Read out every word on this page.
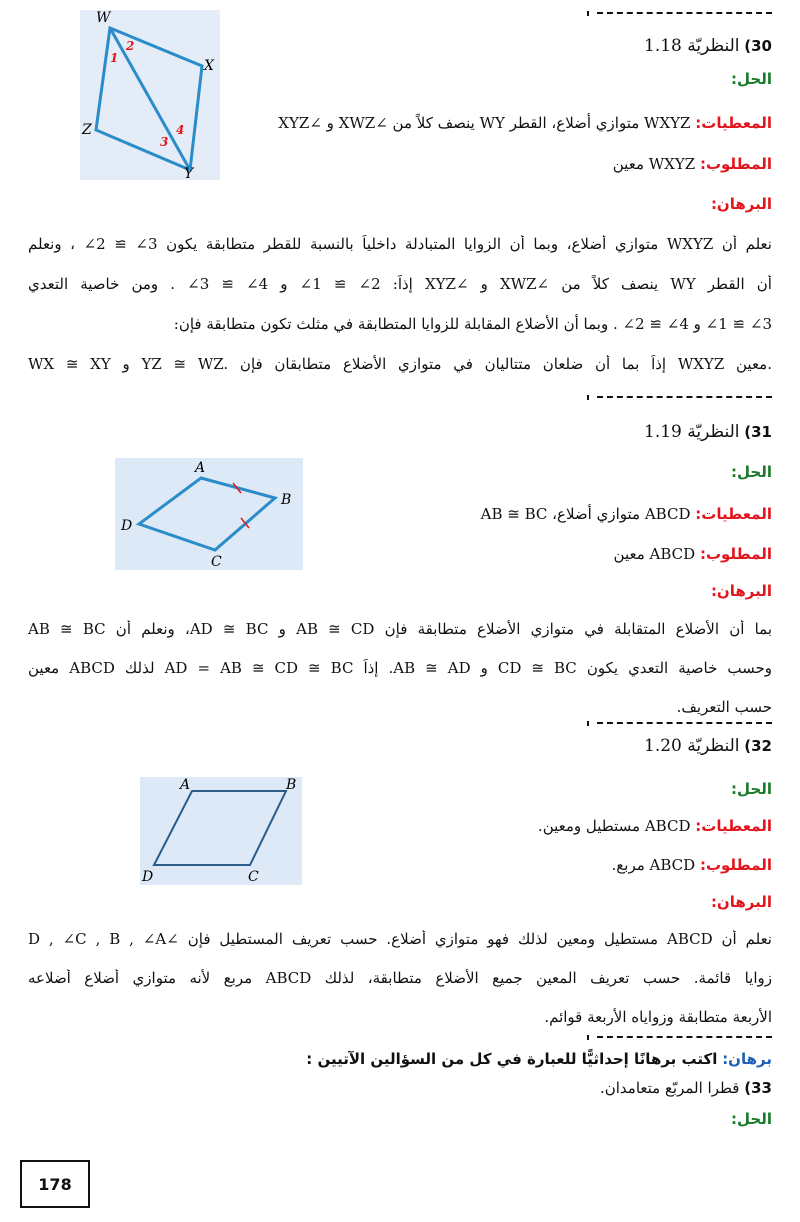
W
X
Y
Z
1
2
3
4
30) النظريّة 1.18
الحل:
المعطيات: WXYZ متوازي أضلاع، القطر WY ينصف كلاً من ∠XWZ و ∠XYZ
المطلوب: WXYZ معين
البرهان:
نعلم أن WXYZ متوازي أضلاع، وبما أن الزوايا المتبادلة داخلياً بالنسبة للقطر متطابقة يكون 3∠ ≅ 2∠ ، ونعلم
أن القطر WY ينصف كلاً من ∠XWZ و ∠XYZ إذاً: 2∠ ≅ 1∠ و 4∠ ≅ 3∠ . ومن خاصية التعدي
3∠ ≅ 1∠ و 4∠ ≅ 2∠ . وبما أن الأضلاع المقابلة للزوايا المتطابقة في مثلث تكون متطابقة فإن:
WX ≅ XY و YZ ≅ WZ. إذاً بما أن ضلعان متتاليان في متوازي الأضلاع متطابقان فإن WXYZ معين.
A
B
C
D
31) النظريّة 1.19
الحل:
المعطيات: ABCD متوازي أضلاع، AB ≅ BC
المطلوب: ABCD معين
البرهان:
بما أن الأضلاع المتقابلة في متوازي الأضلاع متطابقة فإن AB ≅ CD و AD ≅ BC، ونعلم أن AB ≅ BC
وحسب خاصية التعدي يكون CD ≅ BC و AB ≅ AD. إذاً AD = AB ≅ CD ≅ BC لذلك ABCD معين
حسب التعريف.
A	B
C
D
32) النظريّة 1.20
الحل:
المعطيات: ABCD مستطيل ومعين.
المطلوب: ABCD مربع.
البرهان:
نعلم أن ABCD مستطيل ومعين لذلك فهو متوازي أضلاع. حسب تعريف المستطيل فإن ∠D , ∠C , B , ∠A
زوايا قائمة. حسب تعريف المعين جميع الأضلاع متطابقة، لذلك ABCD مربع لأنه متوازي أضلاع أضلاعه
الأربعة متطابقة وزواياه الأربعة قوائم.
برهان: اكتب برهانًا إحداثيًّا للعبارة في كل من السؤالين الآتيين :
33) قطرا المربّع متعامدان.
الحل:
178
